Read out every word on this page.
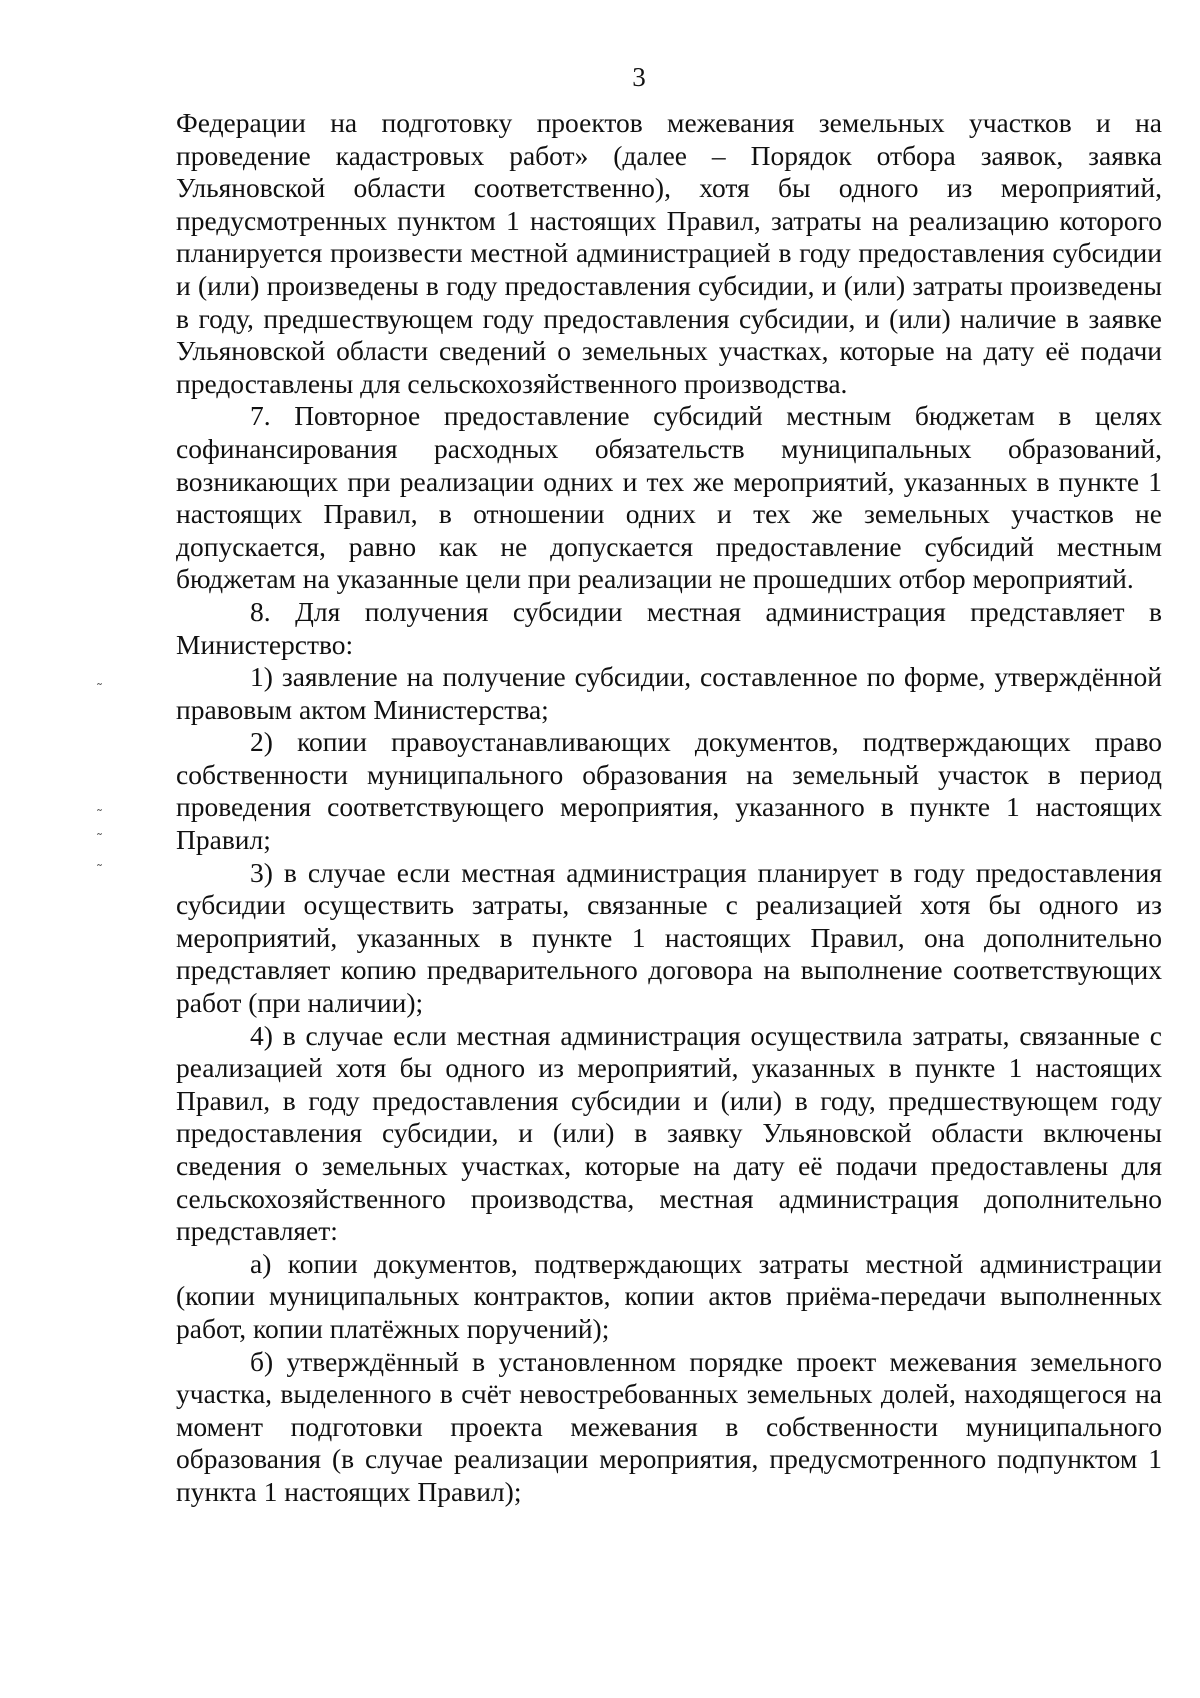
3
˜
˜
˜
˜

Федерации на подготовку проектов межевания земельных участков и на проведение кадастровых работ» (далее – Порядок отбора заявок, заявка Ульяновской области соответственно), хотя бы одного из мероприятий, предусмотренных пунктом 1 настоящих Правил, затраты на реализацию которого планируется произвести местной администрацией в году предоставления субсидии и (или) произведены в году предоставления субсидии, и (или) затраты произведены в году, предшествующем году предоставления субсидии, и (или) наличие в заявке Ульяновской области сведений о земельных участках, которые на дату её подачи предоставлены для сельскохозяйственного производства.

7. Повторное предоставление субсидий местным бюджетам в целях софинансирования расходных обязательств муниципальных образований, возникающих при реализации одних и тех же мероприятий, указанных в пункте 1 настоящих Правил, в отношении одних и тех же земельных участков не допускается, равно как не допускается предоставление субсидий местным бюджетам на указанные цели при реализации не прошедших отбор мероприятий.

8. Для получения субсидии местная администрация представляет в Министерство:

1) заявление на получение субсидии, составленное по форме, утверждённой правовым актом Министерства;

2) копии правоустанавливающих документов, подтверждающих право собственности муниципального образования на земельный участок в период проведения соответствующего мероприятия, указанного в пункте 1 настоящих Правил;

3) в случае если местная администрация планирует в году предоставления субсидии осуществить затраты, связанные с реализацией хотя бы одного из мероприятий, указанных в пункте 1 настоящих Правил, она дополнительно представляет копию предварительного договора на выполнение соответствующих работ (при наличии);

4) в случае если местная администрация осуществила затраты, связанные с реализацией хотя бы одного из мероприятий, указанных в пункте 1 настоящих Правил, в году предоставления субсидии и (или) в году, предшествующем году предоставления субсидии, и (или) в заявку Ульяновской области включены сведения о земельных участках, которые на дату её подачи предоставлены для сельскохозяйственного производства, местная администрация дополнительно представляет:

а) копии документов, подтверждающих затраты местной администрации (копии муниципальных контрактов, копии актов приёма-передачи выполненных работ, копии платёжных поручений);

б) утверждённый в установленном порядке проект межевания земельного участка, выделенного в счёт невостребованных земельных долей, находящегося на момент подготовки проекта межевания в собственности муниципального образования (в случае реализации мероприятия, предусмотренного подпунктом 1 пункта 1 настоящих Правил);
